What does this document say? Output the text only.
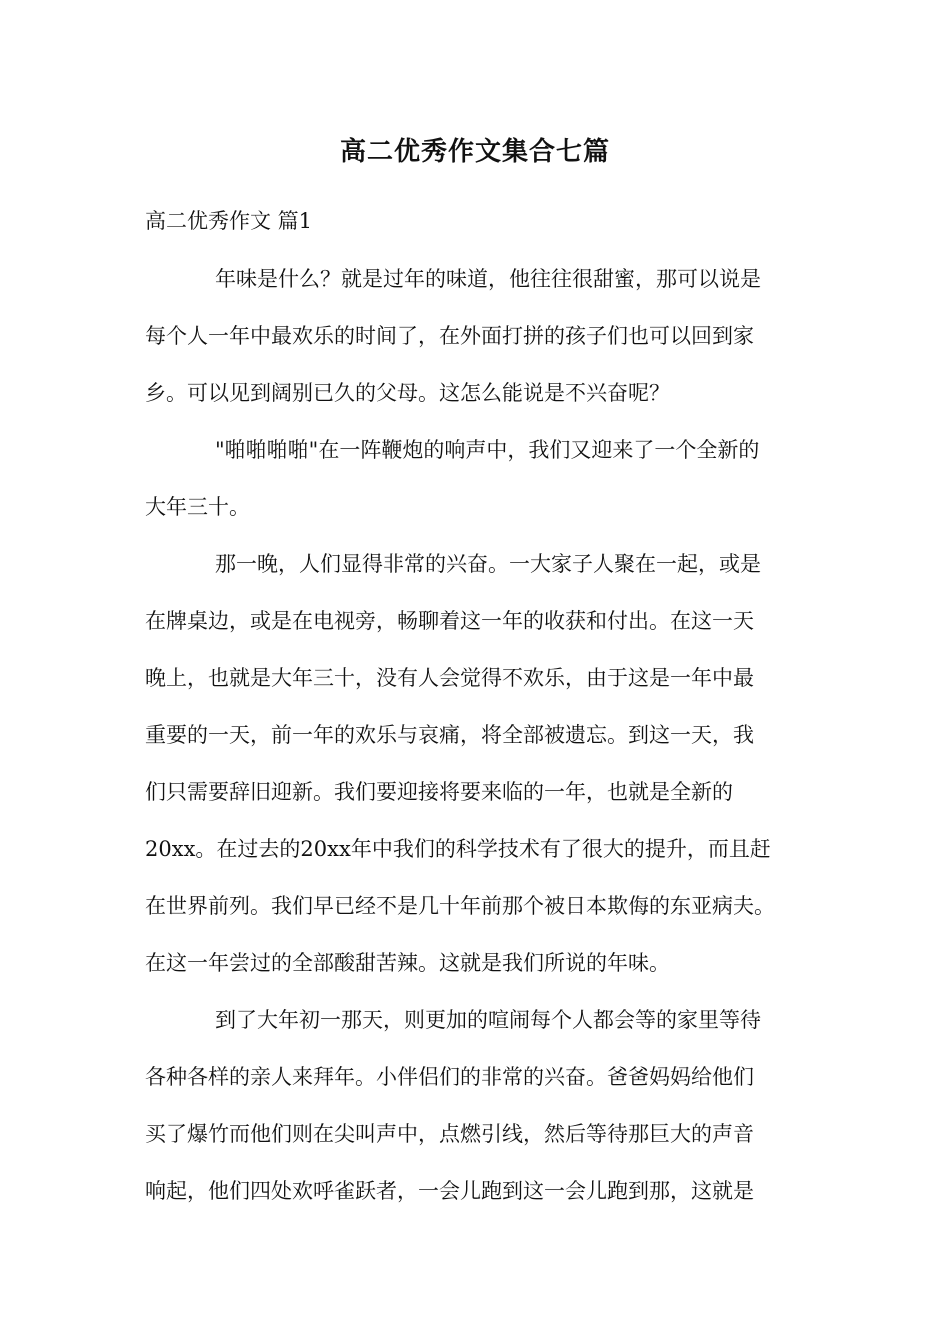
高二优秀作文集合七篇
高二优秀作文 篇1
年味是什么？就是过年的味道，他往往很甜蜜，那可以说是
每个人一年中最欢乐的时间了，在外面打拼的孩子们也可以回到家
乡。可以见到阔别已久的父母。这怎么能说是不兴奋呢？
"啪啪啪啪"在一阵鞭炮的响声中，我们又迎来了一个全新的
大年三十。
那一晚，人们显得非常的兴奋。一大家子人聚在一起，或是
在牌桌边，或是在电视旁，畅聊着这一年的收获和付出。在这一天
晚上，也就是大年三十，没有人会觉得不欢乐，由于这是一年中最
重要的一天，前一年的欢乐与哀痛，将全部被遗忘。到这一天，我
们只需要辞旧迎新。我们要迎接将要来临的一年，也就是全新的
20xx。在过去的20xx年中我们的科学技术有了很大的提升，而且赶
在世界前列。我们早已经不是几十年前那个被日本欺侮的东亚病夫。
在这一年尝过的全部酸甜苦辣。这就是我们所说的年味。
到了大年初一那天，则更加的喧闹每个人都会等的家里等待
各种各样的亲人来拜年。小伴侣们的非常的兴奋。爸爸妈妈给他们
买了爆竹而他们则在尖叫声中，点燃引线，然后等待那巨大的声音
响起，他们四处欢呼雀跃者，一会儿跑到这一会儿跑到那，这就是
